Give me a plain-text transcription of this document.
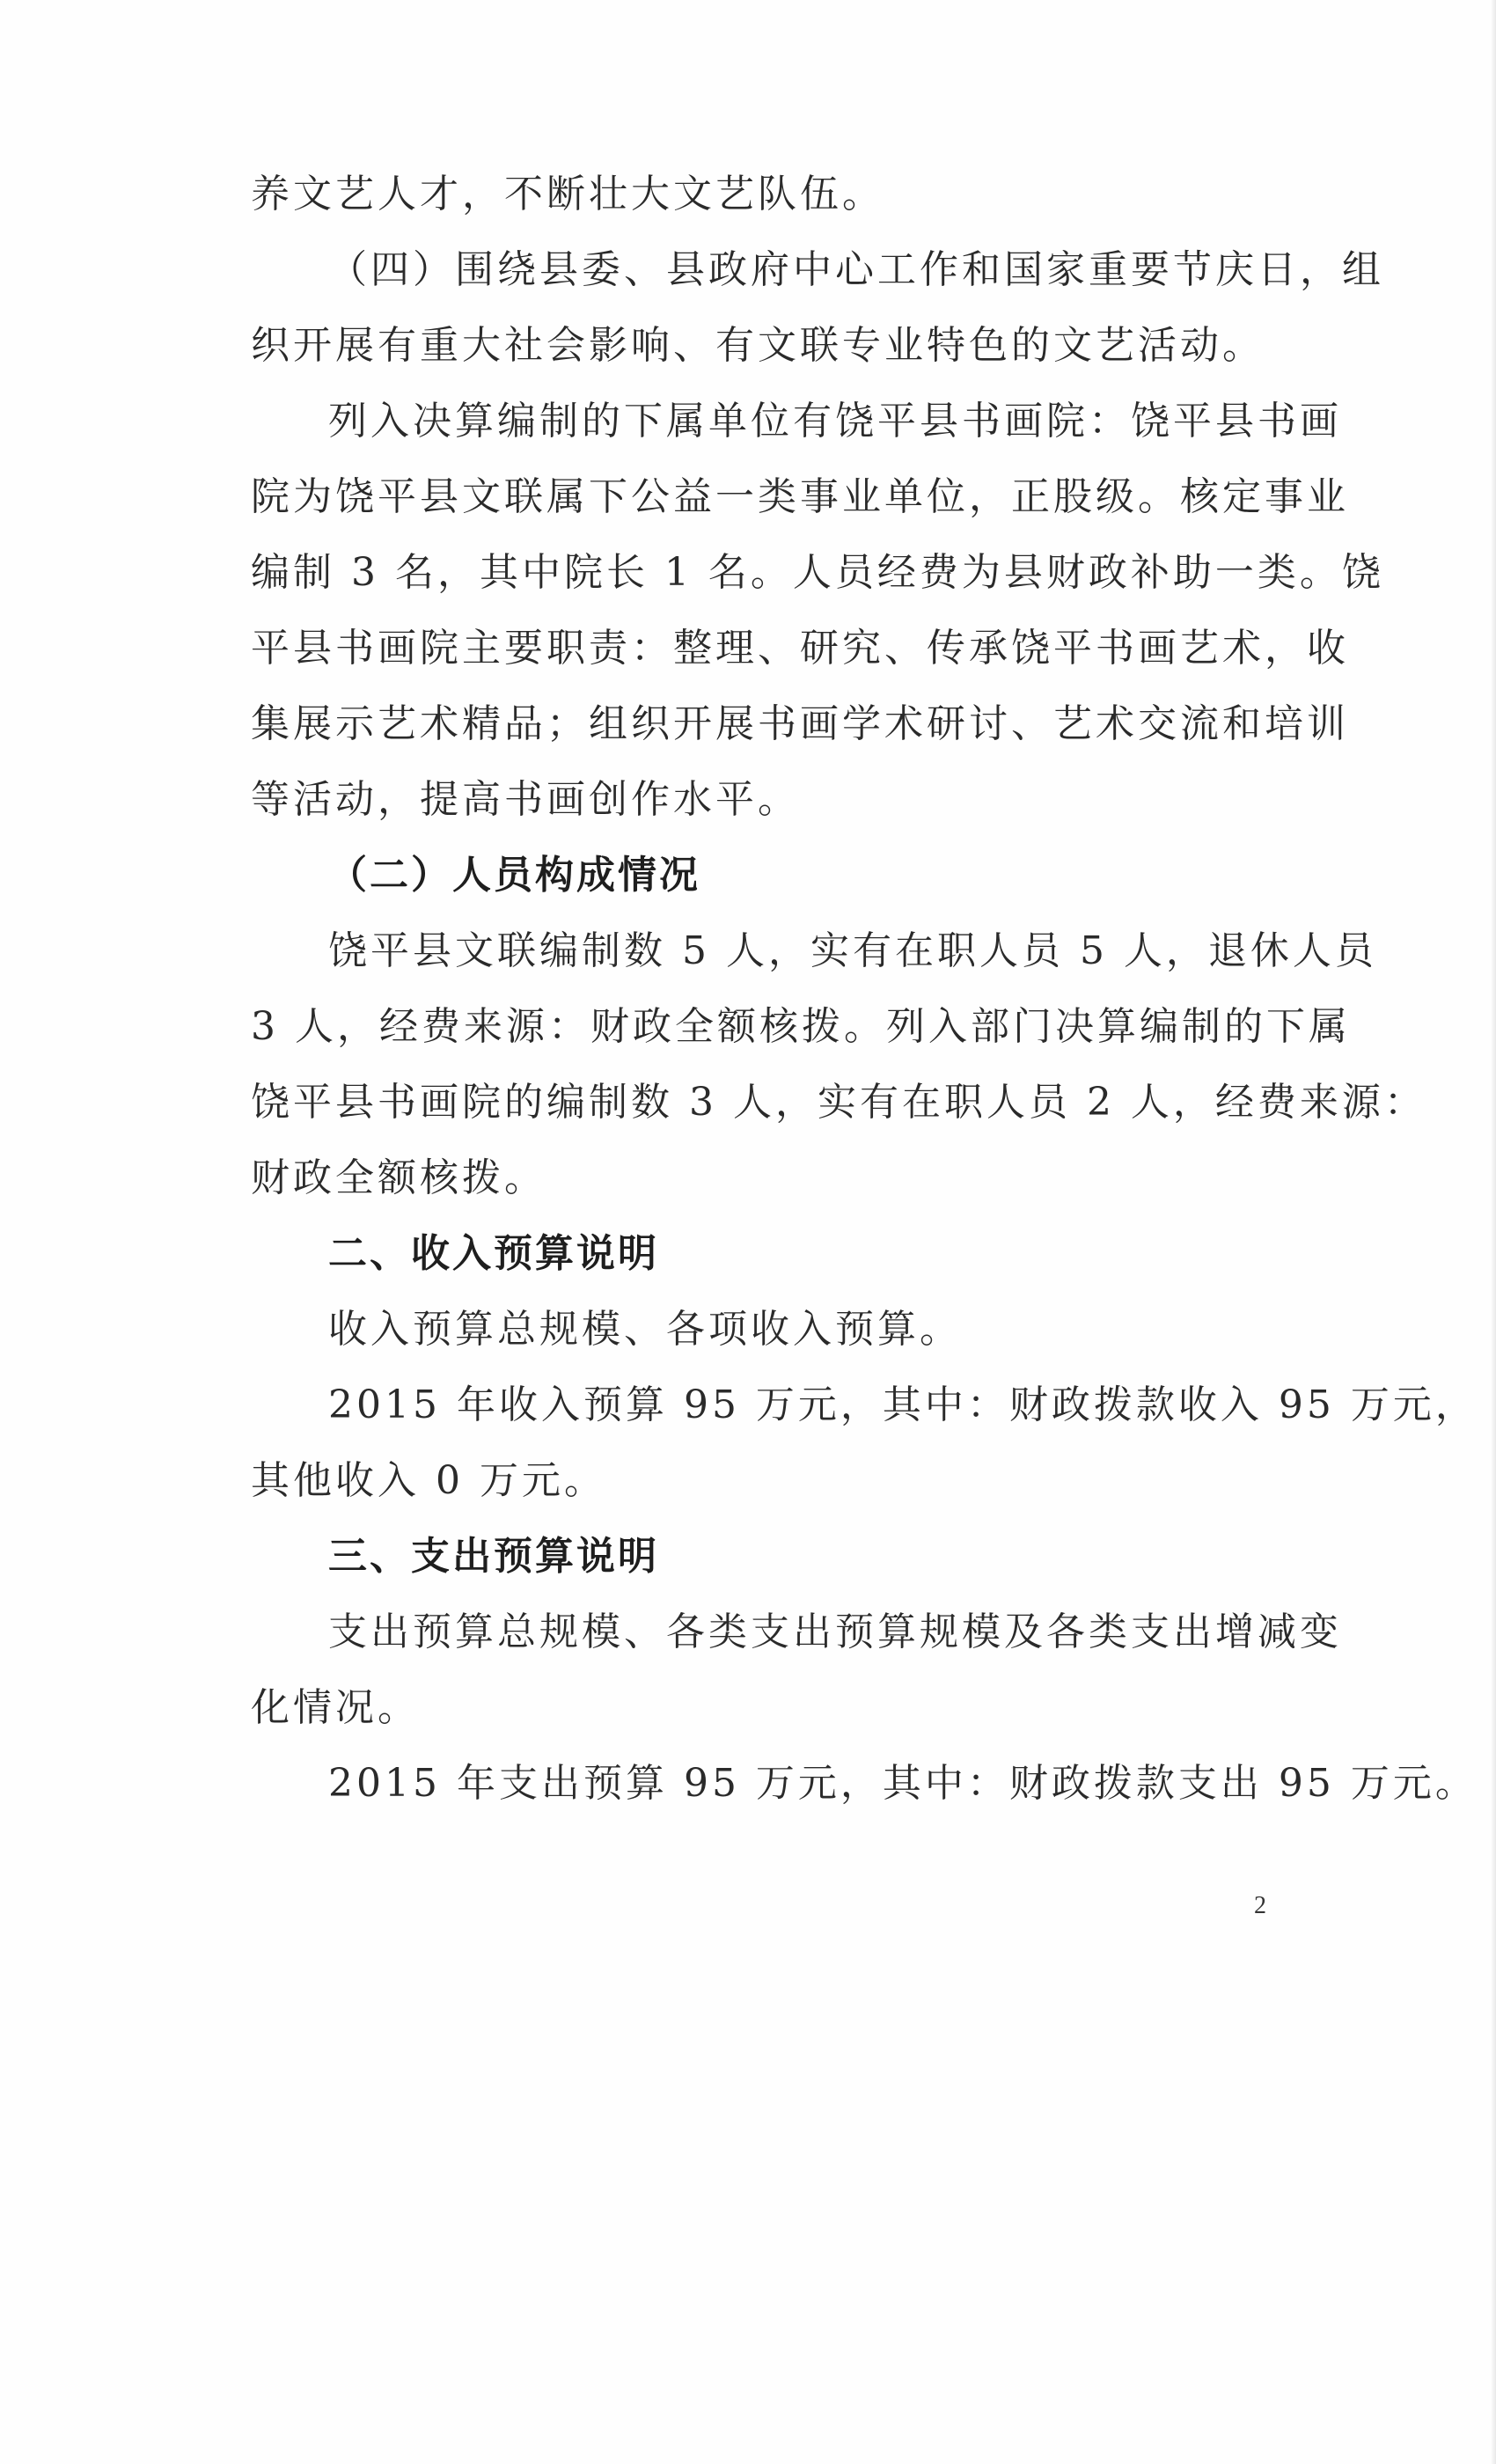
养文艺人才，不断壮大文艺队伍。
（四）围绕县委、县政府中心工作和国家重要节庆日，组
织开展有重大社会影响、有文联专业特色的文艺活动。
列入决算编制的下属单位有饶平县书画院：饶平县书画
院为饶平县文联属下公益一类事业单位，正股级。核定事业
编制 3 名，其中院长 1 名。人员经费为县财政补助一类。饶
平县书画院主要职责：整理、研究、传承饶平书画艺术，收
集展示艺术精品；组织开展书画学术研讨、艺术交流和培训
等活动，提高书画创作水平。
（二）人员构成情况
饶平县文联编制数 5 人，实有在职人员 5 人，退休人员
3 人，经费来源：财政全额核拨。列入部门决算编制的下属
饶平县书画院的编制数 3 人，实有在职人员 2 人，经费来源：
财政全额核拨。
二、收入预算说明
收入预算总规模、各项收入预算。
2015 年收入预算 95 万元，其中：财政拨款收入 95 万元，
其他收入 0 万元。
三、支出预算说明
支出预算总规模、各类支出预算规模及各类支出增减变
化情况。
2015 年支出预算 95 万元，其中：财政拨款支出 95 万元。
2
